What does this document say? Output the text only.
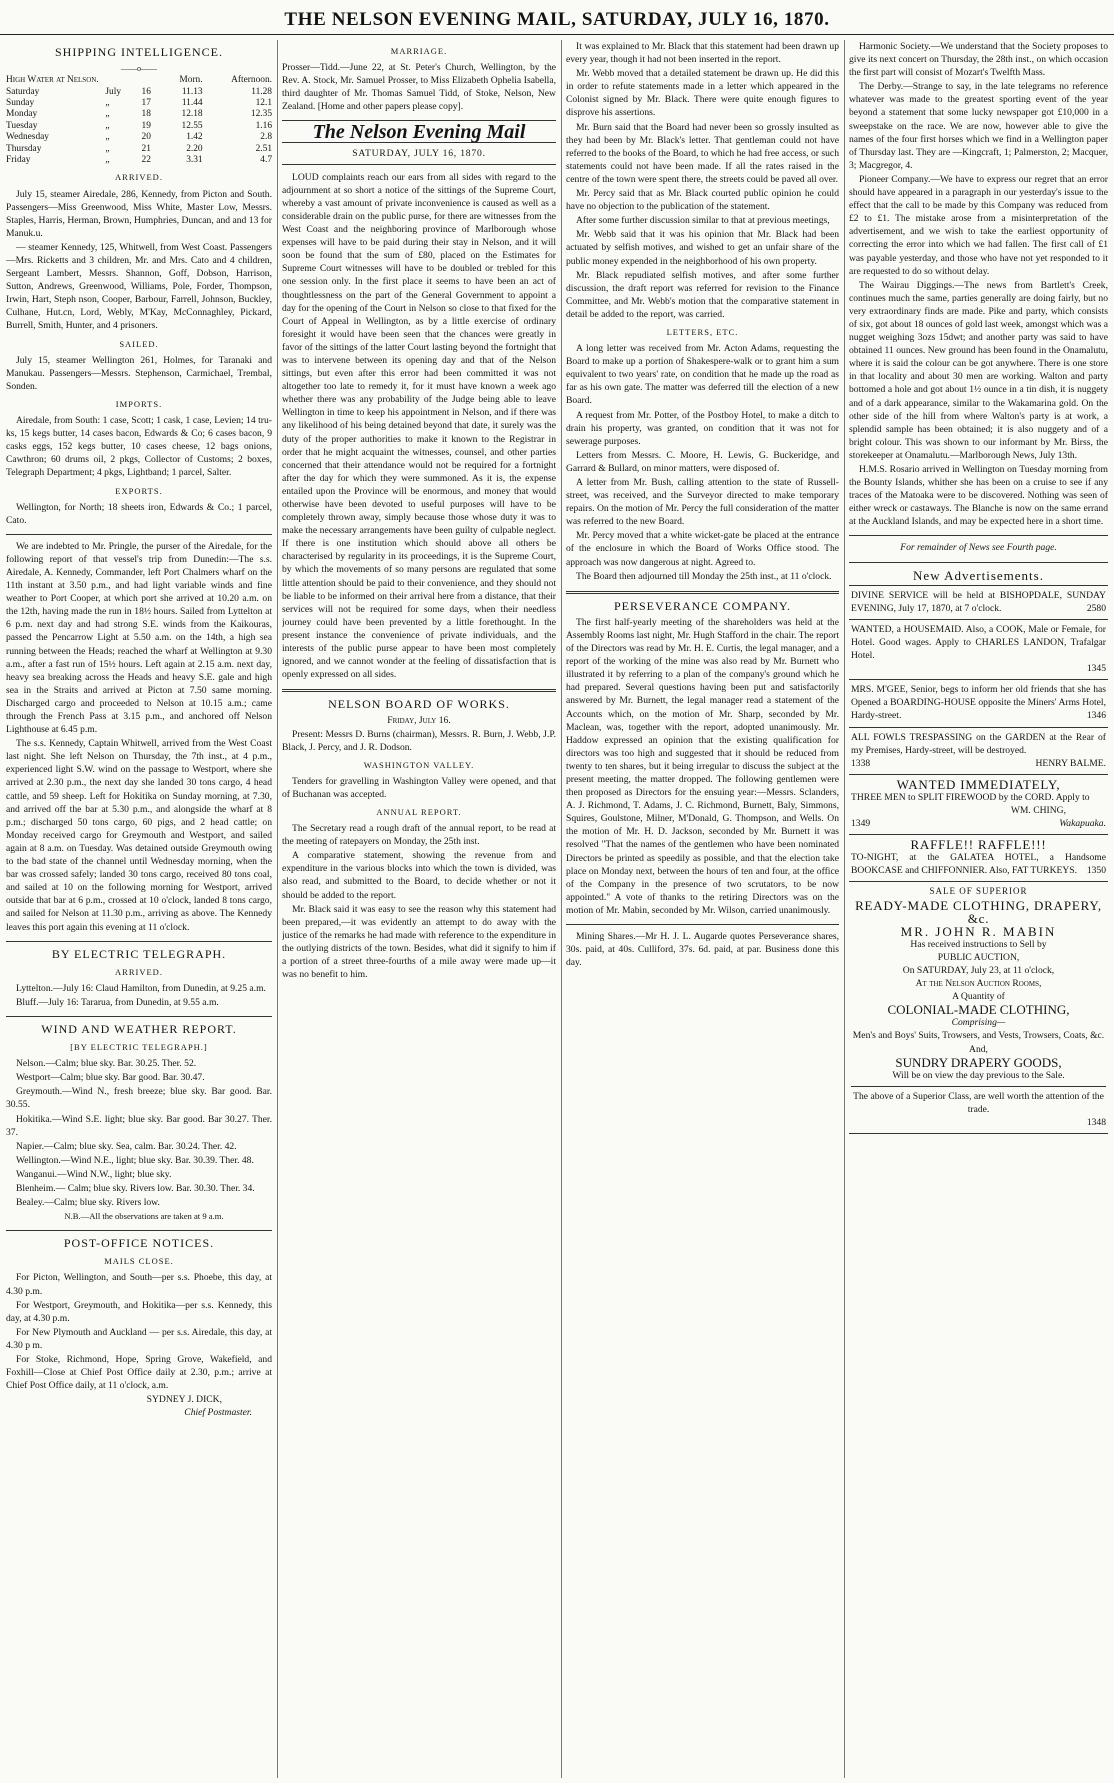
THE NELSON EVENING MAIL, SATURDAY, JULY 16, 1870.
SHIPPING INTELLIGENCE.
——o——
High Water at Nelson.			Morn.	Afternoon.
Saturday	July	16	11.13	11.28
Sunday	„	17	11.44	12.1
Monday	„	18	12.18	12.35
Tuesday	„	19	12.55	1.16
Wednesday	„	20	1.42	2.8
Thursday	„	21	2.20	2.51
Friday	„	22	3.31	4.7
ARRIVED.

July 15, steamer Airedale, 286, Kennedy, from Picton and South. Passengers—Miss Greenwood, Miss White, Master Low, Messrs. Staples, Harris, Herman, Brown, Humphries, Duncan, and and 13 for Manuk.u.

— steamer Kennedy, 125, Whitwell, from West Coast. Passengers—Mrs. Ricketts and 3 children, Mr. and Mrs. Cato and 4 children, Sergeant Lambert, Messrs. Shannon, Goff, Dobson, Harrison, Sutton, Andrews, Greenwood, Williams, Pole, Forder, Thompson, Irwin, Hart, Steph nson, Cooper, Barbour, Farrell, Johnson, Buckley, Culhane, Hut.cn, Lord, Webly, M'Kay, McConnaghley, Pickard, Burrell, Smith, Hunter, and 4 prisoners.

SAILED.

July 15, steamer Wellington 261, Holmes, for Taranaki and Manukau. Passengers—Messrs. Stephenson, Carmichael, Trembal, Sonden.

IMPORTS.

Airedale, from South: 1 case, Scott; 1 cask, 1 case, Levien; 14 tru-ks, 15 kegs butter, 14 cases bacon, Edwards & Co; 6 cases bacon, 9 casks eggs, 152 kegs butter, 10 cases cheese, 12 bags onions, Cawthron; 60 drums oil, 2 pkgs, Collector of Customs; 2 boxes, Telegraph Department; 4 pkgs, Lightband; 1 parcel, Salter.

EXPORTS.

Wellington, for North; 18 sheets iron, Edwards & Co.; 1 parcel, Cato.

We are indebted to Mr. Pringle, the purser of the Airedale, for the following report of that vessel's trip from Dunedin:—The s.s. Airedale, A. Kennedy, Commander, left Port Chalmers wharf on the 11th instant at 3.50 p.m., and had light variable winds and fine weather to Port Cooper, at which port she arrived at 10.20 a.m. on the 12th, having made the run in 18½ hours. Sailed from Lyttelton at 6 p.m. next day and had strong S.E. winds from the Kaikouras, passed the Pencarrow Light at 5.50 a.m. on the 14th, a high sea running between the Heads; reached the wharf at Wellington at 9.30 a.m., after a fast run of 15½ hours. Left again at 2.15 a.m. next day, heavy sea breaking across the Heads and heavy S.E. gale and high sea in the Straits and arrived at Picton at 7.50 same morning. Discharged cargo and proceeded to Nelson at 10.15 a.m.; came through the French Pass at 3.15 p.m., and anchored off Nelson Lighthouse at 6.45 p.m.

The s.s. Kennedy, Captain Whitwell, arrived from the West Coast last night. She left Nelson on Thursday, the 7th inst., at 4 p.m., experienced light S.W. wind on the passage to Westport, where she arrived at 2.30 p.m., the next day she landed 30 tons cargo, 4 head cattle, and 59 sheep. Left for Hokitika on Sunday morning, at 7.30, and arrived off the bar at 5.30 p.m., and alongside the wharf at 8 p.m.; discharged 50 tons cargo, 60 pigs, and 2 head cattle; on Monday received cargo for Greymouth and Westport, and sailed again at 8 a.m. on Tuesday. Was detained outside Greymouth owing to the bad state of the channel until Wednesday morning, when the bar was crossed safely; landed 30 tons cargo, received 80 tons coal, and sailed at 10 on the following morning for Westport, arrived outside that bar at 6 p.m., crossed at 10 o'clock, landed 8 tons cargo, and sailed for Nelson at 11.30 p.m., arriving as above. The Kennedy leaves this port again this evening at 11 o'clock.

BY ELECTRIC TELEGRAPH.
ARRIVED.

Lyttelton.—July 16: Claud Hamilton, from Dunedin, at 9.25 a.m.

Bluff.—July 16: Tararua, from Dunedin, at 9.55 a.m.

WIND AND WEATHER REPORT.
[BY ELECTRIC TELEGRAPH.]

Nelson.—Calm; blue sky. Bar. 30.25. Ther. 52.

Westport—Calm; blue sky. Bar good. Bar. 30.47.

Greymouth.—Wind N., fresh breeze; blue sky. Bar good. Bar. 30.55.

Hokitika.—Wind S.E. light; blue sky. Bar good. Bar 30.27. Ther. 37.

Napier.—Calm; blue sky. Sea, calm. Bar. 30.24. Ther. 42.

Wellington.—Wind N.E., light; blue sky. Bar. 30.39. Ther. 48.

Wanganui.—Wind N.W., light; blue sky.

Blenheim.— Calm; blue sky. Rivers low. Bar. 30.30. Ther. 34.

Bealey.—Calm; blue sky. Rivers low.

N.B.—All the observations are taken at 9 a.m.

POST-OFFICE NOTICES.
MAILS CLOSE.

For Picton, Wellington, and South—per s.s. Phoebe, this day, at 4.30 p.m.

For Westport, Greymouth, and Hokitika—per s.s. Kennedy, this day, at 4.30 p.m.

For New Plymouth and Auckland — per s.s. Airedale, this day, at 4.30 p m.

For Stoke, Richmond, Hope, Spring Grove, Wakefield, and Foxhill—Close at Chief Post Office daily at 2.30, p.m.; arrive at Chief Post Office daily, at 11 o'clock, a.m.

SYDNEY J. DICK,
Chief Postmaster.
MARRIAGE.

Prosser—Tidd.—June 22, at St. Peter's Church, Wellington, by the Rev. A. Stock, Mr. Samuel Prosser, to Miss Elizabeth Ophelia Isabella, third daughter of Mr. Thomas Samuel Tidd, of Stoke, Nelson, New Zealand. [Home and other papers please copy].

The Nelson Evening Mail
SATURDAY, JULY 16, 1870.

LOUD complaints reach our ears from all sides with regard to the adjournment at so short a notice of the sittings of the Supreme Court, whereby a vast amount of private inconvenience is caused as well as a considerable drain on the public purse, for there are witnesses from the West Coast and the neighboring province of Marlborough whose expenses will have to be paid during their stay in Nelson, and it will soon be found that the sum of £80, placed on the Estimates for Supreme Court witnesses will have to be doubled or trebled for this one session only. In the first place it seems to have been an act of thoughtlessness on the part of the General Government to appoint a day for the opening of the Court in Nelson so close to that fixed for the Court of Appeal in Wellington, as by a little exercise of ordinary foresight it would have been seen that the chances were greatly in favor of the sittings of the latter Court lasting beyond the fortnight that was to intervene between its opening day and that of the Nelson sittings, but even after this error had been committed it was not altogether too late to remedy it, for it must have known a week ago whether there was any probability of the Judge being able to leave Wellington in time to keep his appointment in Nelson, and if there was any likelihood of his being detained beyond that date, it surely was the duty of the proper authorities to make it known to the Registrar in order that he might acquaint the witnesses, counsel, and other parties concerned that their attendance would not be required for a fortnight after the day for which they were summoned. As it is, the expense entailed upon the Province will be enormous, and money that would otherwise have been devoted to useful purposes will have to be completely thrown away, simply because those whose duty it was to make the necessary arrangements have been guilty of culpable neglect. If there is one institution which should above all others be characterised by regularity in its proceedings, it is the Supreme Court, by which the movements of so many persons are regulated that some little attention should be paid to their convenience, and they should not be liable to be informed on their arrival here from a distance, that their services will not be required for some days, when their needless journey could have been prevented by a little forethought. In the present instance the convenience of private individuals, and the interests of the public purse appear to have been most completely ignored, and we cannot wonder at the feeling of dissatisfaction that is openly expressed on all sides.

NELSON BOARD OF WORKS.
Friday, July 16.

Present: Messrs D. Burns (chairman), Messrs. R. Burn, J. Webb, J.P. Black, J. Percy, and J. R. Dodson.

WASHINGTON VALLEY.

Tenders for gravelling in Washington Valley were opened, and that of Buchanan was accepted.

ANNUAL REPORT.

The Secretary read a rough draft of the annual report, to be read at the meeting of ratepayers on Monday, the 25th inst.

A comparative statement, showing the revenue from and expenditure in the various blocks into which the town is divided, was also read, and submitted to the Board, to decide whether or not it should be added to the report.

Mr. Black said it was easy to see the reason why this statement had been prepared,—it was evidently an attempt to do away with the justice of the remarks he had made with reference to the expenditure in the outlying districts of the town. Besides, what did it signify to him if a portion of a street three-fourths of a mile away were made up—it was no benefit to him.

It was explained to Mr. Black that this statement had been drawn up every year, though it had not been inserted in the report.

Mr. Webb moved that a detailed statement be drawn up. He did this in order to refute statements made in a letter which appeared in the Colonist signed by Mr. Black. There were quite enough figures to disprove his assertions.

Mr. Burn said that the Board had never been so grossly insulted as they had been by Mr. Black's letter. That gentleman could not have referred to the books of the Board, to which he had free access, or such statements could not have been made. If all the rates raised in the centre of the town were spent there, the streets could be paved all over.

Mr. Percy said that as Mr. Black courted public opinion he could have no objection to the publication of the statement.

After some further discussion similar to that at previous meetings,

Mr. Webb said that it was his opinion that Mr. Black had been actuated by selfish motives, and wished to get an unfair share of the public money expended in the neighborhood of his own property.

Mr. Black repudiated selfish motives, and after some further discussion, the draft report was referred for revision to the Finance Committee, and Mr. Webb's motion that the comparative statement in detail be added to the report, was carried.

LETTERS, ETC.

A long letter was received from Mr. Acton Adams, requesting the Board to make up a portion of Shakespere-walk or to grant him a sum equivalent to two years' rate, on condition that he made up the road as far as his own gate. The matter was deferred till the election of a new Board.

A request from Mr. Potter, of the Postboy Hotel, to make a ditch to drain his property, was granted, on condition that it was not for sewerage purposes.

Letters from Messrs. C. Moore, H. Lewis, G. Buckeridge, and Garrard & Bullard, on minor matters, were disposed of.

A letter from Mr. Bush, calling attention to the state of Russell-street, was received, and the Surveyor directed to make temporary repairs. On the motion of Mr. Percy the full consideration of the matter was referred to the new Board.

Mr. Percy moved that a white wicket-gate be placed at the entrance of the enclosure in which the Board of Works Office stood. The approach was now dangerous at night. Agreed to.

The Board then adjourned till Monday the 25th inst., at 11 o'clock.

PERSEVERANCE COMPANY.

The first half-yearly meeting of the shareholders was held at the Assembly Rooms last night, Mr. Hugh Stafford in the chair. The report of the Directors was read by Mr. H. E. Curtis, the legal manager, and a report of the working of the mine was also read by Mr. Burnett who illustrated it by referring to a plan of the company's ground which he had prepared. Several questions having been put and satisfactorily answered by Mr. Burnett, the legal manager read a statement of the Accounts which, on the motion of Mr. Sharp, seconded by Mr. Maclean, was, together with the report, adopted unanimously. Mr. Haddow expressed an opinion that the existing qualification for directors was too high and suggested that it should be reduced from twenty to ten shares, but it being irregular to discuss the subject at the present meeting, the matter dropped. The following gentlemen were then proposed as Directors for the ensuing year:—Messrs. Sclanders, A. J. Richmond, T. Adams, J. C. Richmond, Burnett, Baly, Simmons, Squires, Goulstone, Milner, M'Donald, G. Thompson, and Wells. On the motion of Mr. H. D. Jackson, seconded by Mr. Burnett it was resolved "That the names of the gentlemen who have been nominated Directors be printed as speedily as possible, and that the election take place on Monday next, between the hours of ten and four, at the office of the Company in the presence of two scrutators, to be now appointed." A vote of thanks to the retiring Directors was on the motion of Mr. Mabin, seconded by Mr. Wilson, carried unanimously.

Mining Shares.—Mr H. J. L. Augarde quotes Perseverance shares, 30s. paid, at 40s. Culliford, 37s. 6d. paid, at par. Business done this day.

Harmonic Society.—We understand that the Society proposes to give its next concert on Thursday, the 28th inst., on which occasion the first part will consist of Mozart's Twelfth Mass.

The Derby.—Strange to say, in the late telegrams no reference whatever was made to the greatest sporting event of the year beyond a statement that some lucky newspaper got £10,000 in a sweepstake on the race. We are now, however able to give the names of the four first horses which we find in a Wellington paper of Thursday last. They are —Kingcraft, 1; Palmerston, 2; Macquer, 3; Macgregor, 4.

Pioneer Company.—We have to express our regret that an error should have appeared in a paragraph in our yesterday's issue to the effect that the call to be made by this Company was reduced from £2 to £1. The mistake arose from a misinterpretation of the advertisement, and we wish to take the earliest opportunity of correcting the error into which we had fallen. The first call of £1 was payable yesterday, and those who have not yet responded to it are requested to do so without delay.

The Wairau Diggings.—The news from Bartlett's Creek, continues much the same, parties generally are doing fairly, but no very extraordinary finds are made. Pike and party, which consists of six, got about 18 ounces of gold last week, amongst which was a nugget weighing 3ozs 15dwt; and another party was said to have obtained 11 ounces. New ground has been found in the Onamalutu, where it is said the colour can be got anywhere. There is one store in that locality and about 30 men are working. Walton and party bottomed a hole and got about 1½ ounce in a tin dish, it is nuggety and of a dark appearance, similar to the Wakamarina gold. On the other side of the hill from where Walton's party is at work, a splendid sample has been obtained; it is also nuggety and of a bright colour. This was shown to our informant by Mr. Birss, the storekeeper at Onamalutu.—Marlborough News, July 13th.

H.M.S. Rosario arrived in Wellington on Tuesday morning from the Bounty Islands, whither she has been on a cruise to see if any traces of the Matoaka were to be discovered. Nothing was seen of either wreck or castaways. The Blanche is now on the same errand at the Auckland Islands, and may be expected here in a short time.

For remainder of News see Fourth page.
New Advertisements.
DIVINE SERVICE will be held at BISHOPDALE, SUNDAY EVENING, July 17, 1870, at 7 o'clock.	2580
WANTED, a HOUSEMAID. Also, a COOK, Male or Female, for Hotel. Good wages. Apply to CHARLES LANDON, Trafalgar Hotel.
1345
MRS. M'GEE, Senior, begs to inform her old friends that she has Opened a BOARDING-HOUSE opposite the Miners' Arms Hotel, Hardy-street.	1346
ALL FOWLS TRESPASSING on the GARDEN at the Rear of my Premises, Hardy-street, will be destroyed.
1338	HENRY BALME.
WANTED IMMEDIATELY,
THREE MEN to SPLIT FIREWOOD by the CORD. Apply to
WM. CHING,
1349	Wakapuaka.
RAFFLE!! RAFFLE!!!
TO-NIGHT, at the GALATEA HOTEL, a Handsome BOOKCASE and CHIFFONNIER. Also, FAT TURKEYS. 1350
SALE OF SUPERIOR
READY-MADE CLOTHING, DRAPERY, &c.
MR. JOHN R. MABIN
Has received instructions to Sell by
PUBLIC AUCTION,
On SATURDAY, July 23, at 11 o'clock,
At the Nelson Auction Rooms,
A Quantity of
COLONIAL-MADE CLOTHING,
Comprising—
Men's and Boys' Suits, Trowsers, and Vests, Trowsers, Coats, &c.
And,
SUNDRY DRAPERY GOODS,
Will be on view the day previous to the Sale.
The above of a Superior Class, are well worth the attention of the trade.
1348
